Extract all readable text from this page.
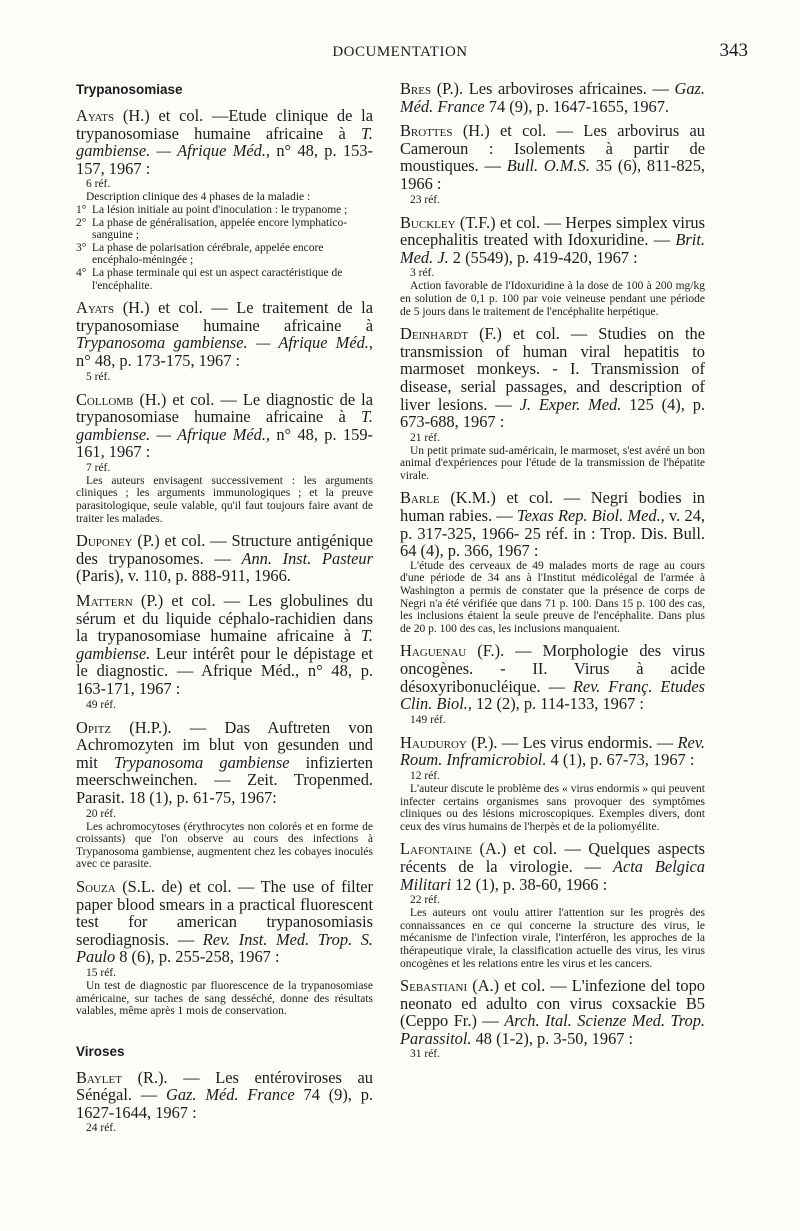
DOCUMENTATION	343
Trypanosomiase

Ayats (H.) et col. —Etude clinique de la trypanosomiase humaine africaine à T. gambiense. — Afrique Méd., n° 48, p. 153-157, 1967 :

6 réf.

Description clinique des 4 phases de la maladie :

1° La lésion initiale au point d'inoculation : le trypanome ;
2° La phase de généralisation, appelée encore lymphatico-sanguine ;
3° La phase de polarisation cérébrale, appelée encore encéphalo-méningée ;
4° La phase terminale qui est un aspect caractéristique de l'encéphalite.

Ayats (H.) et col. — Le traitement de la trypanosomiase humaine africaine à Trypanosoma gambiense. — Afrique Méd., n° 48, p. 173-175, 1967 :

5 réf.

Collomb (H.) et col. — Le diagnostic de la trypanosomiase humaine africaine à T. gambiense. — Afrique Méd., n° 48, p. 159-161, 1967 :

7 réf.

Les auteurs envisagent successivement : les arguments cliniques ; les arguments immunologiques ; et la preuve parasitologique, seule valable, qu'il faut toujours faire avant de traiter les malades.

Duponey (P.) et col. — Structure antigénique des trypanosomes. — Ann. Inst. Pasteur (Paris), v. 110, p. 888-911, 1966.

Mattern (P.) et col. — Les globulines du sérum et du liquide céphalo-rachidien dans la trypanosomiase humaine africaine à T. gambiense. Leur intérêt pour le dépistage et le diagnostic. — Afrique Méd., n° 48, p. 163-171, 1967 :

49 réf.

Opitz (H.P.). — Das Auftreten von Achromozyten im blut von gesunden und mit Trypanosoma gambiense infizierten meerschweinchen. — Zeit. Tropenmed. Parasit. 18 (1), p. 61-75, 1967:

20 réf.

Les achromocytoses (érythrocytes non colorés et en forme de croissants) que l'on observe au cours des infections à Trypanosoma gambiense, augmentent chez les cobayes inoculés avec ce parasite.

Souza (S.L. de) et col. — The use of filter paper blood smears in a practical fluorescent test for american trypanosomiasis serodiagnosis. — Rev. Inst. Med. Trop. S. Paulo 8 (6), p. 255-258, 1967 :

15 réf.

Un test de diagnostic par fluorescence de la trypanosomiase américaine, sur taches de sang desséché, donne des résultats valables, même après 1 mois de conservation.

Viroses

Baylet (R.). — Les entéroviroses au Sénégal. — Gaz. Méd. France 74 (9), p. 1627-1644, 1967 :

24 réf.

Bres (P.). Les arboviroses africaines. — Gaz. Méd. France 74 (9), p. 1647-1655, 1967.

Brottes (H.) et col. — Les arbovirus au Cameroun : Isolements à partir de moustiques. — Bull. O.M.S. 35 (6), 811-825, 1966 :

23 réf.

Buckley (T.F.) et col. — Herpes simplex virus encephalitis treated with Idoxuridine. — Brit. Med. J. 2 (5549), p. 419-420, 1967 :

3 réf.

Action favorable de l'Idoxuridine à la dose de 100 à 200 mg/kg en solution de 0,1 p. 100 par voie veineuse pendant une période de 5 jours dans le traitement de l'encéphalite herpétique.

Deinhardt (F.) et col. — Studies on the transmission of human viral hepatitis to marmoset monkeys. - I. Transmission of disease, serial passages, and description of liver lesions. — J. Exper. Med. 125 (4), p. 673-688, 1967 :

21 réf.

Un petit primate sud-américain, le marmoset, s'est avéré un bon animal d'expériences pour l'étude de la transmission de l'hépatite virale.

Barle (K.M.) et col. — Negri bodies in human rabies. — Texas Rep. Biol. Med., v. 24, p. 317-325, 1966- 25 réf. in : Trop. Dis. Bull. 64 (4), p. 366, 1967 :

L'étude des cerveaux de 49 malades morts de rage au cours d'une période de 34 ans à l'Institut médicolégal de l'armée à Washington a permis de constater que la présence de corps de Negri n'a été vérifiée que dans 71 p. 100. Dans 15 p. 100 des cas, les inclusions étaient la seule preuve de l'encéphalite. Dans plus de 20 p. 100 des cas, les inclusions manquaient.

Haguenau (F.). — Morphologie des virus oncogènes. - II. Virus à acide désoxyribonucléique. — Rev. Franç. Etudes Clin. Biol., 12 (2), p. 114-133, 1967 :

149 réf.

Hauduroy (P.). — Les virus endormis. — Rev. Roum. Inframicrobiol. 4 (1), p. 67-73, 1967 :

12 réf.

L'auteur discute le problème des « virus endormis » qui peuvent infecter certains organismes sans provoquer des symptômes cliniques ou des lésions microscopiques. Exemples divers, dont ceux des virus humains de l'herpès et de la poliomyélite.

Lafontaine (A.) et col. — Quelques aspects récents de la virologie. — Acta Belgica Militari 12 (1), p. 38-60, 1966 :

22 réf.

Les auteurs ont voulu attirer l'attention sur les progrès des connaissances en ce qui concerne la structure des virus, le mécanisme de l'infection virale, l'interféron, les approches de la thérapeutique virale, la classification actuelle des virus, les virus oncogènes et les relations entre les virus et les cancers.

Sebastiani (A.) et col. — L'infezione del topo neonato ed adulto con virus coxsackie B5 (Ceppo Fr.) — Arch. Ital. Scienze Med. Trop. Parassitol. 48 (1-2), p. 3-50, 1967 :

31 réf.
